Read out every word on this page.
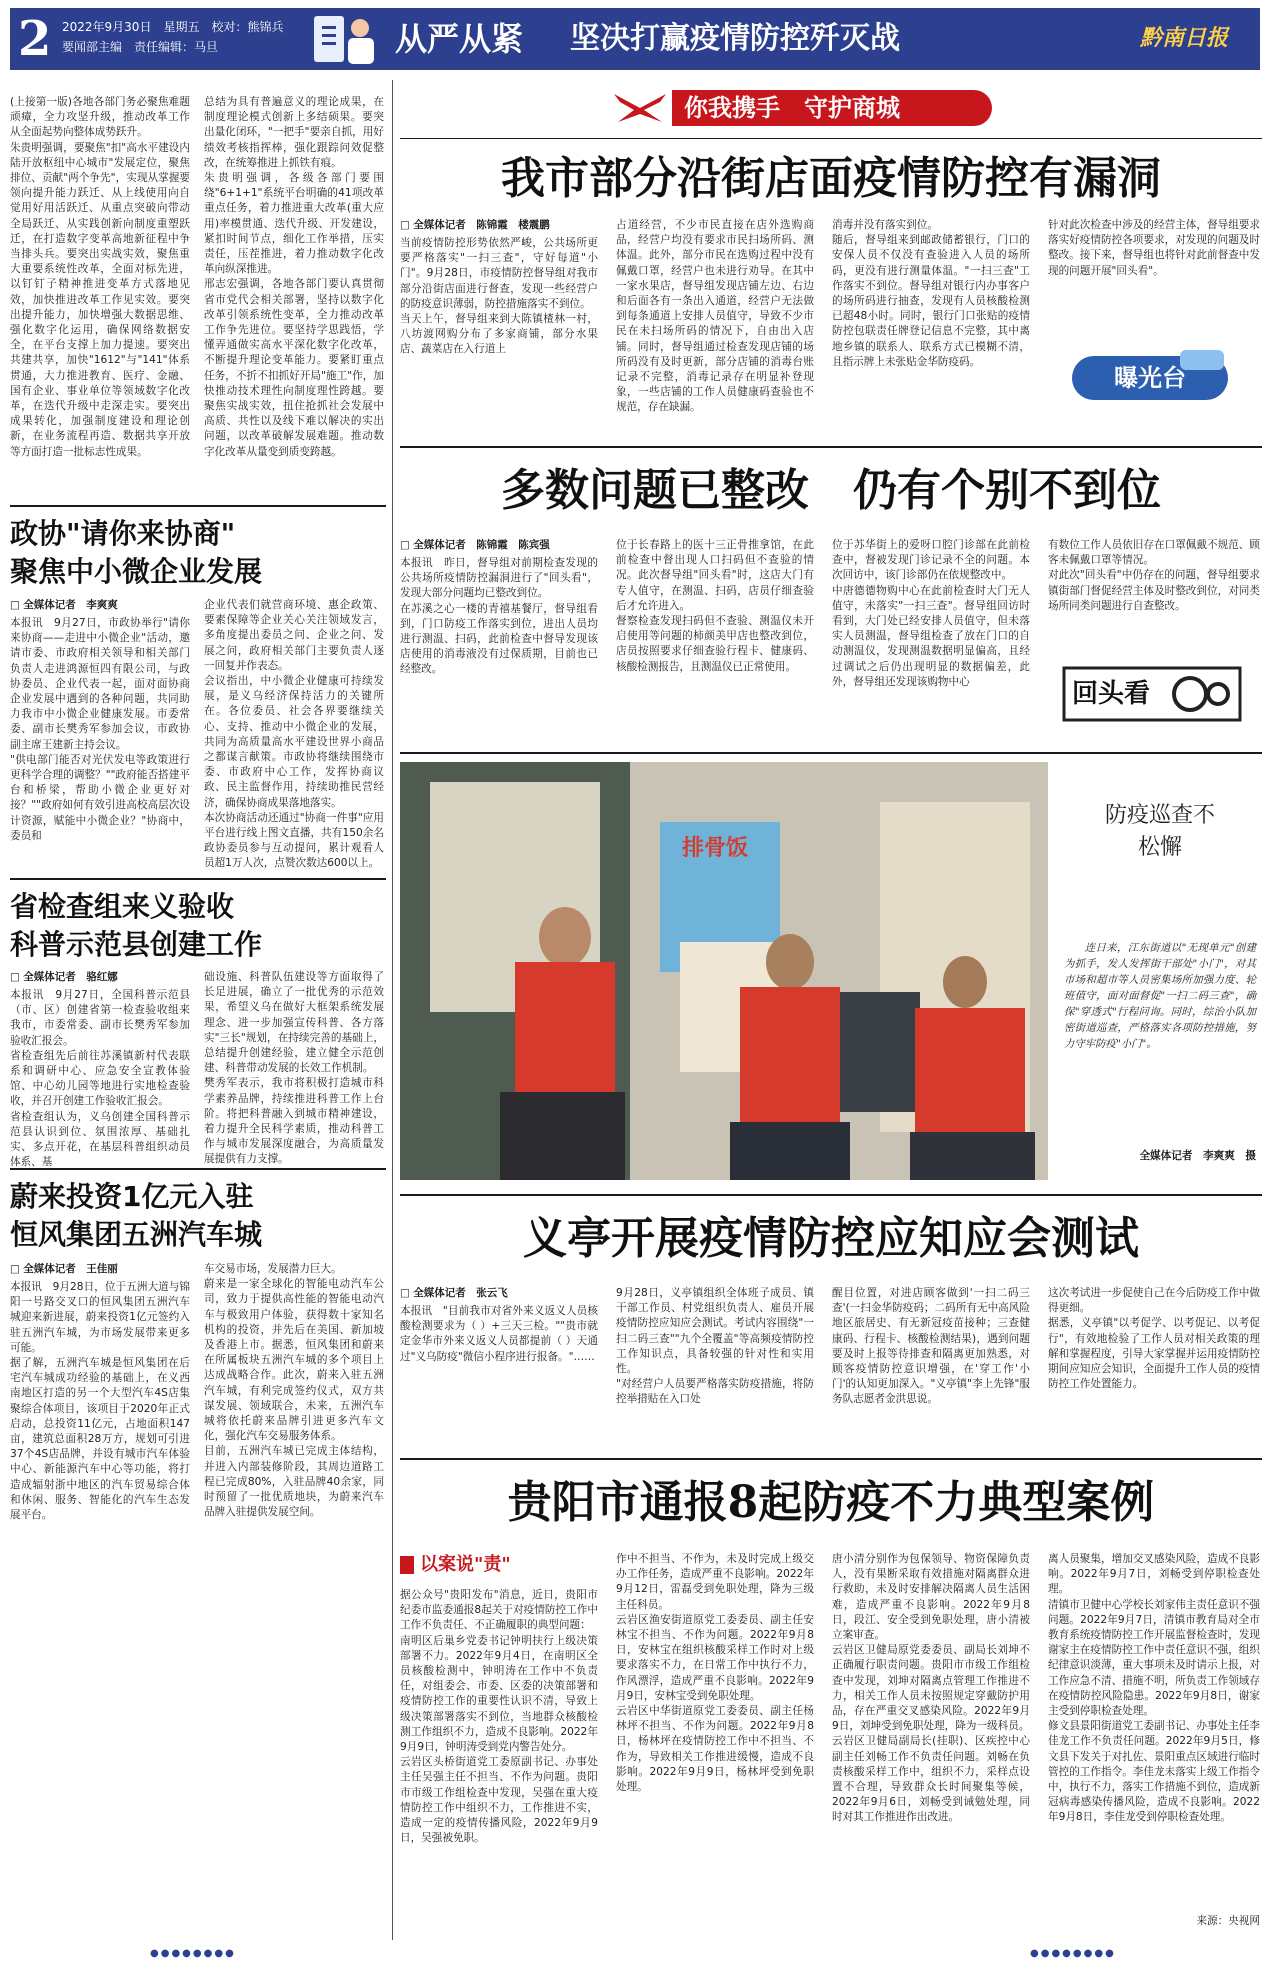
2 2022年9月30日　星期五　校对：熊锦兵
要闻部主编　责任编辑：马旦	从严从紧	坚决打赢疫情防控歼灭战	黔南日报
(上接第一版)各地各部门务必聚焦难题顽瘴，全力攻坚升级，推动改革工作从全面起势向整体成势跃升。
朱贵明强调，要聚焦"扣"高水平建设内陆开放枢纽中心城市"发展定位，聚焦排位、贡献"两个争先"，实现从掌握要领向提升能力跃迁、从上线使用向自觉用好用活跃迁、从重点突破向带动全局跃迁、从实践创新向制度重塑跃迁，在打造数字变革高地新征程中争当排头兵。要突出实战实效，聚焦重大重要系统性改革，全面对标先进，以钉钉子精神推进变革方式落地见效，加快推进改革工作见实效。要突出提升能力，加快增强大数据思维、强化数字化运用，确保网络数据安全，在平台支撑上加力提速。要突出共建共享，加快"1612"与"141"体系贯通，大力推进教育、医疗、金融、国有企业、事业单位等领域数字化改革，在迭代升级中走深走实。要突出成果转化，加强制度建设和理论创新，在业务流程再造、数据共享开放等方面打造一批标志性成果。
总结为具有普遍意义的理论成果，在制度理论模式创新上多结硕果。要突出量化闭环，"一把手"要亲自抓，用好绩效考核指挥棒，强化跟踪问效促整改，在统筹推进上抓铁有痕。
朱贵明强调，各级各部门要围绕"6+1+1"系统平台明确的41项改革重点任务，着力推进重大改革(重大应用)率模贯通、迭代升级、开发建设，紧扣时间节点，细化工作举措，压实责任，压茬推进，着力推动数字化改革向纵深推进。
邢志宏强调，各地各部门要认真贯彻省市党代会相关部署，坚持以数字化改革引领系统性变革，全力推动改革工作争先进位。要坚持学思践悟，学懂弄通做实高水平深化数字化改革，不断提升理论变革能力。要紧盯重点任务，不折不扣抓好开局"施工"作，加快推动技术理性向制度理性跨越。要聚焦实战实效，扭住抢抓社会发展中高质、共性以及线下难以解决的实出问题，以改革破解发展难题。推动数字化改革从量变到质变跨越。
政协"请你来协商"
聚焦中小微企业发展
□ 全媒体记者　李爽爽
本报讯　9月27日，市政协举行"请你来协商——走进中小微企业"活动，邀请市委、市政府相关领导和相关部门负责人走进鸿源恒四有限公司，与政协委员、企业代表一起，面对面协商企业发展中遇到的各种问题，共同助力我市中小微企业健康发展。市委常委、副市长樊秀军参加会议，市政协副主席王建新主持会议。
"供电部门能否对光伏发电等政策进行更科学合理的调整？""政府能否搭建平台和桥梁，帮助小微企业更好对接？""政府如何有效引进高校高层次设计资源，赋能中小微企业？"协商中，委员和
企业代表们就营商环境、惠企政策、要素保障等企业关心关注领域发言，多角度提出委员之问、企业之问、发展之问，政府相关部门主要负责人逐一回复并作表态。
会议指出，中小微企业健康可持续发展，是义乌经济保持活力的关键所在。各位委员、社会各界要继续关心、支持、推动中小微企业的发展，共同为高质量高水平建设世界小商品之都谋言献策。市政协将继续围绕市委、市政府中心工作，发挥协商议政、民主监督作用，持续助推民营经济，确保协商成果落地落实。
本次协商活动还通过"协商一件事"应用平台进行线上图文直播，共有150余名政协委员参与互动提问，累计观看人员超1万人次，点赞次数达600以上。
省检查组来义验收
科普示范县创建工作
□ 全媒体记者　骆红娜
本报讯　9月27日，全国科普示范县（市、区）创建省第一检查验收组来我市，市委常委、副市长樊秀军参加验收汇报会。
省检查组先后前往苏溪镇新村代表联系和调研中心、应急安全宣教体验馆、中心幼儿园等地进行实地检查验收，并召开创建工作验收汇报会。
省检查组认为，义乌创建全国科普示范县认识到位、氛围浓厚、基础扎实、多点开花，在基层科普组织动员体系、基
础设施、科普队伍建设等方面取得了长足进展，确立了一批优秀的示范效果，希望义乌在做好大框架系统发展理念、进一步加强宣传科普、各方落实"三长"规划，在持续完善的基础上，总结提升创建经验，建立健全示范创建、科普带动发展的长效工作机制。
樊秀军表示，我市将积极打造城市科学素养品牌，持续推进科普工作上台阶。将把科普融入到城市精神建设，着力提升全民科学素质，推动科普工作与城市发展深度融合，为高质量发展提供有力支撑。
蔚来投资1亿元入驻
恒风集团五洲汽车城
□ 全媒体记者　王佳丽
本报讯　9月28日，位于五洲大道与锦阳一号路交叉口的恒风集团五洲汽车城迎来新进展，蔚来投资1亿元签约入驻五洲汽车城，为市场发展带来更多可能。
据了解，五洲汽车城是恒风集团在后宅汽车城成功经验的基础上，在义西南地区打造的另一个大型汽车4S店集聚综合体项目，该项目于2020年正式启动，总投资11亿元，占地面积147亩，建筑总面积28万方，规划可引进37个4S店品牌，并设有城市汽车体验中心、新能源汽车中心等功能，将打造成辐射浙中地区的汽车贸易综合体和休闲、服务、智能化的汽车生态发展平台。
车交易市场，发展潜力巨大。
蔚来是一家全球化的智能电动汽车公司，致力于提供高性能的智能电动汽车与极致用户体验，获得数十家知名机构的投资，并先后在美国、新加坡及香港上市。据悉，恒风集团和蔚来在所属板块五洲汽车城的多个项目上达成战略合作。此次，蔚来入驻五洲汽车城，有利完成签约仪式，双方共谋发展、领域联合，未来，五洲汽车城将依托蔚来品牌引进更多汽车文化，强化汽车交易服务体系。
目前，五洲汽车城已完成主体结构，并进入内部装修阶段，其周边道路工程已完成80%，入驻品牌40余家，同时预留了一批优质地块，为蔚来汽车品牌入驻提供发展空间。
你我携手　守护商城
我市部分沿街店面疫情防控有漏洞
□ 全媒体记者　陈锦霞　楼震鹏
当前疫情防控形势依然严峻，公共场所更要严格落实"一扫三查"，守好每道"小门"。9月28日，市疫情防控督导组对我市部分沿街店面进行督查，发现一些经营户的防疫意识薄弱，防控措施落实不到位。
当天上午，督导组来到大陈镇楂林一村，八坊渡网购分布了多家商铺，部分水果店、蔬菜店在入行道上
占道经营，不少市民直接在店外选购商品，经营户均没有要求市民扫场所码、测体温。此外，部分市民在选购过程中没有佩戴口罩，经营户也未进行劝导。在其中一家水果店，督导组发现店铺左边、右边和后面各有一条出入通道，经营户无法做到每条通道上安排人员值守，导致不少市民在未扫场所码的情况下，自由出入店铺。同时，督导组通过检查发现店铺的场所码没有及时更新，部分店铺的消毒台账记录不完整，消毒记录存在明显补登现象，一些店铺的工作人员健康码查验也不规范，存在缺漏。
消毒并没有落实到位。
随后，督导组来到邮政储蓄银行，门口的安保人员不仅没有查验进入人员的场所码，更没有进行测量体温。"一扫三查"工作落实不到位。督导组对银行内办事客户的场所码进行抽查，发现有人员核酸检测已超48小时。同时，银行门口张贴的疫情防控包联责任牌登记信息不完整，其中离地乡镇的联系人、联系方式已模糊不清，且指示牌上未张贴金华防疫码。
针对此次检查中涉及的经营主体，督导组要求落实好疫情防控各项要求，对发现的问题及时整改。接下来，督导组也将针对此前督查中发现的问题开展"回头看"。
曝光台
多数问题已整改　仍有个别不到位
□ 全媒体记者　陈锦霞　陈宾强
本报讯　昨日，督导组对前期检查发现的公共场所疫情防控漏洞进行了"回头看"，发现大部分问题均已整改到位。
在苏溪之心一楼的青禧基餐厅，督导组看到，门口防疫工作落实到位，进出人员均进行测温、扫码，此前检查中督导发现该店使用的消毒液没有过保质期，目前也已经整改。
位于长春路上的医十三正骨推拿馆，在此前检查中督出现人口扫码但不查验的情况。此次督导组"回头看"时，这店大门有专人值守，在测温、扫码，店员仔细查验后才允许进入。
督察检查发现扫码但不查验、测温仪未开启使用等问题的柿颜美甲店也整改到位，店员按照要求仔细查验行程卡、健康码、核酸检测报告，且测温仪已正常使用。
位于苏华街上的爱呀口腔门诊部在此前检查中，督被发现门诊记录不全的问题。本次回访中，该门诊部仍在依规整改中。
中唐德德物购中心在此前检查时大门无人值守，未落实"一扫三查"。督导组回访时看到，大门处已经安排人员值守，但未落实人员测温，督导组检查了放在门口的自动测温仪，发现测温数据明显偏高，且经过调试之后仍出现明显的数据偏差，此外，督导组还发现该购物中心
有数位工作人员依旧存在口罩佩戴不规范、顾客未佩戴口罩等情况。
对此次"回头看"中仍存在的问题，督导组要求镇街部门督促经营主体及时整改到位，对同类场所同类问题进行自查整改。
回头看
排骨饭
防疫巡查不松懈
连日来，江东街道以"无现单元"创建为抓手，发人发挥街干部处"小门"，对其市场和超市等人员密集场所加强力度、轮班值守，面对面督促"一扫二码三查"，确保"穿透式"行程问询。同时，综治小队加密街道巡查，严格落实各项防控措施，努力守牢防疫"小门"。
全媒体记者　李爽爽　摄
义亭开展疫情防控应知应会测试
□ 全媒体记者　张云飞
本报讯　"目前我市对省外来义返义人员核酸检测要求为（ ）+三天三检。""贵市就定金华市外来义返义人员都提前（ ）天通过"义乌防疫"微信小程序进行报备。"……
9月28日，义亭镇组织全体班子成员、镇干部工作员、村党组织负责人、雇员开展疫情防控应知应会测试。考试内容围绕"一扫二码三查""九个全覆盖"等高频疫情防控工作知识点，具备较强的针对性和实用性。
"对经营户人员要严格落实防疫措施，将防控举措贴在入口处
醒目位置，对进店顾客做到'一扫二码三查'(一扫金华防疫码；二码所有无中高风险地区旅居史、有无新冠疫苗接种；三查健康码、行程卡、核酸检测结果)，遇到问题要及时上报等待排查和隔离更加熟悉，对顾客疫情防控意识增强，在'穿工作'小门'的认知更加深入。"义亭镇"李上先锋"服务队志愿者金洪思说。
这次考试进一步促使自己在今后防疫工作中做得更细。
据悉，义亭镇"以考促学、以考促记、以考促行"，有效地检验了工作人员对相关政策的理解和掌握程度，引导大家掌握并运用疫情防控期间应知应会知识，全面提升工作人员的疫情防控工作处置能力。
贵阳市通报8起防疫不力典型案例
以案说"责"
据公众号"贵阳发布"消息，近日，贵阳市纪委市监委通报8起关于对疫情防控工作中工作不负责任、不正确履职的典型问题：
南明区后巢乡党委书记钟明扶行上级决策部署不力。2022年9月4日，在南明区全员核酸检测中，钟明涛在工作中不负责任，对组委会、市委、区委的决策部署和疫情防控工作的重要性认识不清，导致上级决策部署落实不到位，当地群众核酸检测工作组织不力，造成不良影响。2022年9月9日，钟明涛受到党内警告处分。
云岩区头桥街道党工委原副书记、办事处主任吴强主任不担当、不作为问题。贵阳市市级工作组检查中发现，吴强在重大疫情防控工作中组织不力，工作推进不实，造成一定的疫情传播风险，2022年9月9日，吴强被免职。
作中不担当、不作为，未及时完成上级交办工作任务，造成严重不良影响。2022年9月12日，雷磊受到免职处理，降为三级主任科员。
云岩区渔安街道原党工委委员、副主任安林宝不担当、不作为问题。2022年9月8日，安林宝在组织核酸采样工作时对上级要求落实不力，在日常工作中执行不力，作风漂浮，造成严重不良影响。2022年9月9日，安林宝受到免职处理。
云岩区中华街道原党工委委员、副主任杨林坪不担当、不作为问题。2022年9月8日，杨林坪在疫情防控工作中不担当、不作为，导致相关工作推进缓慢，造成不良影响。2022年9月9日，杨林坪受到免职处理。
唐小清分别作为包保领导、物资保障负责人，没有果断采取有效措施对隔离群众进行救助，未及时安排解决隔离人员生活困难，造成严重不良影响。2022年9月8日，段江、安全受到免职处理，唐小清被立案审查。
云岩区卫健局原党委委员、副局长刘坤不正确履行职责问题。贵阳市市级工作组检查中发现，刘坤对隔离点管理工作推进不力，相关工作人员未按照规定穿戴防护用品，存在严重交叉感染风险。2022年9月9日，刘坤受到免职处理，降为一级科员。
云岩区卫健局副局长(挂职)、区疾控中心副主任刘畅工作不负责任问题。刘畅在负责核酸采样工作中，组织不力，采样点设置不合理，导致群众长时间聚集等候，2022年9月6日，刘畅受到诫勉处理，同时对其工作推进作出改进。
离人员聚集，增加交叉感染风险，造成不良影响。2022年9月7日，刘畅受到停职检查处理。
清镇市卫健中心学校长刘家伟主责任意识不强问题。2022年9月7日，清镇市教育局对全市教育系统疫情防控工作开展监督检查时，发现谢家主在疫情防控工作中责任意识不强，组织纪律意识淡薄，重大事项未及时请示上报，对工作应急不清、措施不明，所负责工作领域存在疫情防控风险隐患。2022年9月8日，谢家主受到停职检查处理。
修文县景阳街道党工委副书记、办事处主任李佳龙工作不负责任问题。2022年9月5日，修文县下发关于对扎佐、景阳重点区域进行临时管控的工作指令。李佳龙未落实上级工作指令中，执行不力，落实工作措施不到位，造成新冠病毒感染传播风险，造成不良影响。2022年9月8日，李佳龙受到停职检查处理。
来源：央视网
●●●●●●●●	●●●●●●●●
